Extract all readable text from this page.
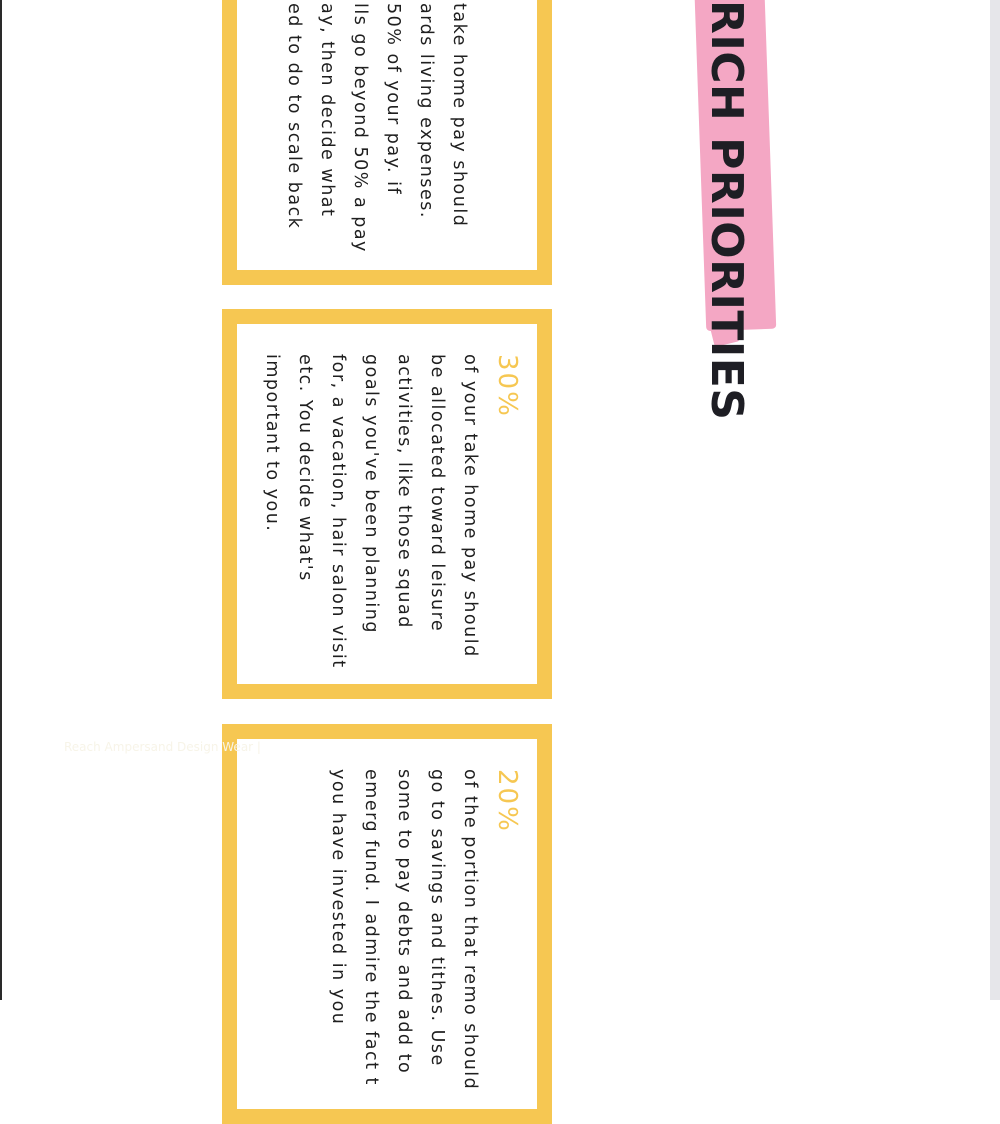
RICH PRIORITIES
take home pay should
ards living expenses.
50% of your pay. if
lls go beyond 50% a pay
ay, then decide what
ed to do to scale back
30%
of your take home pay should be allocated toward leisure activities, like those squad goals you've been planning for, a vacation, hair salon visit etc. You decide what's important to you.
20%
of the portion that remo should go to savings and tithes. Use some to pay debts and add to emerg fund. I admire the fact t you have invested in you
Reach Ampersand Design Wear |
